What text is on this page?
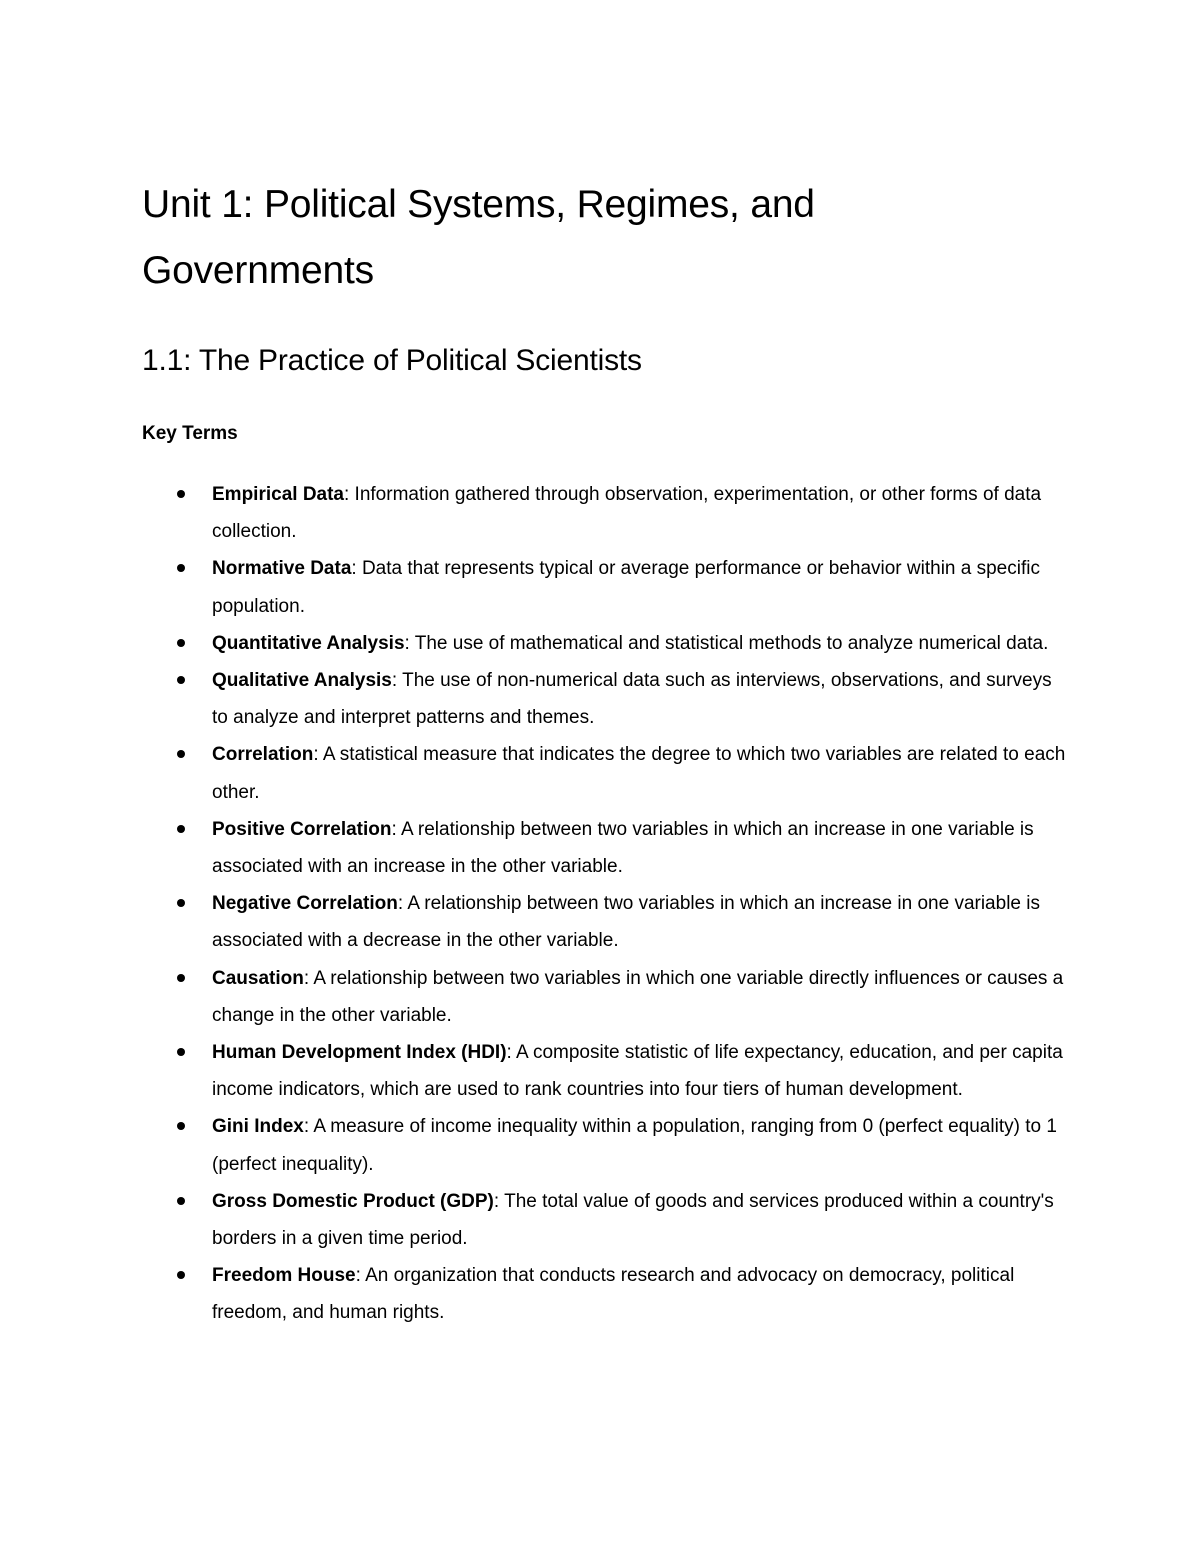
Unit 1: Political Systems, Regimes, and Governments
1.1: The Practice of Political Scientists
Key Terms
Empirical Data: Information gathered through observation, experimentation, or other forms of data collection.
Normative Data: Data that represents typical or average performance or behavior within a specific population.
Quantitative Analysis: The use of mathematical and statistical methods to analyze numerical data.
Qualitative Analysis: The use of non-numerical data such as interviews, observations, and surveys to analyze and interpret patterns and themes.
Correlation: A statistical measure that indicates the degree to which two variables are related to each other.
Positive Correlation: A relationship between two variables in which an increase in one variable is associated with an increase in the other variable.
Negative Correlation: A relationship between two variables in which an increase in one variable is associated with a decrease in the other variable.
Causation: A relationship between two variables in which one variable directly influences or causes a change in the other variable.
Human Development Index (HDI): A composite statistic of life expectancy, education, and per capita income indicators, which are used to rank countries into four tiers of human development.
Gini Index: A measure of income inequality within a population, ranging from 0 (perfect equality) to 1 (perfect inequality).
Gross Domestic Product (GDP): The total value of goods and services produced within a country's borders in a given time period.
Freedom House: An organization that conducts research and advocacy on democracy, political freedom, and human rights.
